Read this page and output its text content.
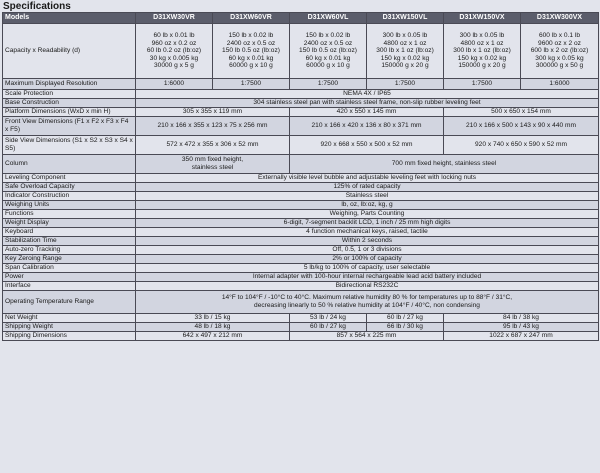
Specifications
Models	D31XW30VR	D31XW60VR	D31XW60VL	D31XW150VL	D31XW150VX	D31XW300VX
Capacity x Readability (d)	60 lb x 0.01 lb
960 oz x 0.2 oz
60 lb 0.2 oz (lb:oz)
30 kg x 0.005 kg
30000 g x 5 g	150 lb x 0.02 lb
2400 oz x 0.5 oz
150 lb 0.5 oz (lb:oz)
60 kg x 0.01 kg
60000 g x 10 g	150 lb x 0.02 lb
2400 oz x 0.5 oz
150 lb 0.5 oz (lb:oz)
60 kg x 0.01 kg
60000 g x 10 g	300 lb x 0.05 lb
4800 oz x 1 oz
300 lb x 1 oz (lb:oz)
150 kg x 0.02 kg
150000 g x 20 g	300 lb x 0.05 lb
4800 oz x 1 oz
300 lb x 1 oz (lb:oz)
150 kg x 0.02 kg
150000 g x 20 g	600 lb x 0.1 lb
9600 oz x 2 oz
600 lb x 2 oz (lb:oz)
300 kg x 0.05 kg
300000 g x 50 g

Maximum Displayed Resolution	1:6000	1:7500	1:7500	1:7500	1:7500	1:6000

Scale Protection	NEMA 4X / IP65					

Base Construction	304 stainless steel pan with stainless steel frame, non-slip rubber leveling feet					

Platform Dimensions (WxD x min H)	305 x 355 x 119 mm		420 x 550 x 145 mm		500 x 650 x 154 mm	

Front View Dimensions (F1 x F2 x F3 x F4 x F5)	210 x 166 x 355 x 123 x 75 x 256 mm		210 x 166 x 420 x 136 x 80 x 371 mm		210 x 166 x 500 x 143 x 90 x 440 mm	

Side View Dimensions (S1 x S2 x S3 x S4 x S5)	572 x 472 x 355 x 306 x 52 mm		920 x 668 x 550 x 500 x 52 mm		920 x 740 x 650 x 590 x 52 mm	

Column	350 mm fixed height,
stainless steel		700 mm fixed height, stainless steel			

Leveling Component	Externally visible level bubble and adjustable leveling feet with locking nuts					

Safe Overload Capacity	125% of rated capacity					

Indicator Construction	Stainless steel					

Weighing Units	lb, oz, lb:oz, kg, g					

Functions	Weighing, Parts Counting					

Weight Display	6-digit, 7-segment backlit LCD, 1 inch / 25 mm high digits					

Keyboard	4 function mechanical keys, raised, tactile					

Stabilization Time	Within 2 seconds					

Auto-zero Tracking	Off, 0.5, 1 or 3 divisions					

Key Zeroing Range	2% or 100% of capacity					

Span Calibration	5 lb/kg to 100% of capacity, user selectable					

Power	Internal adapter with 100-hour internal rechargeable lead acid battery included					

Interface	Bidirectional RS232C					

Operating Temperature Range	14°F to 104°F / -10°C to 40°C. Maximum relative humidity 80 % for temperatures up to 88°F / 31°C,
decreasing linearly to 50 % relative humidity at 104°F / 40°C, non condensing					

Net Weight	33 lb / 15 kg		53 lb / 24 kg	60 lb / 27 kg	84 lb / 38 kg	

Shipping Weight	48 lb / 18 kg		60 lb / 27 kg	66 lb / 30 kg	95 lb / 43 kg	

Shipping Dimensions	642 x 497 x 212 mm		857 x 564 x 225 mm		1022 x 687 x 247 mm	
